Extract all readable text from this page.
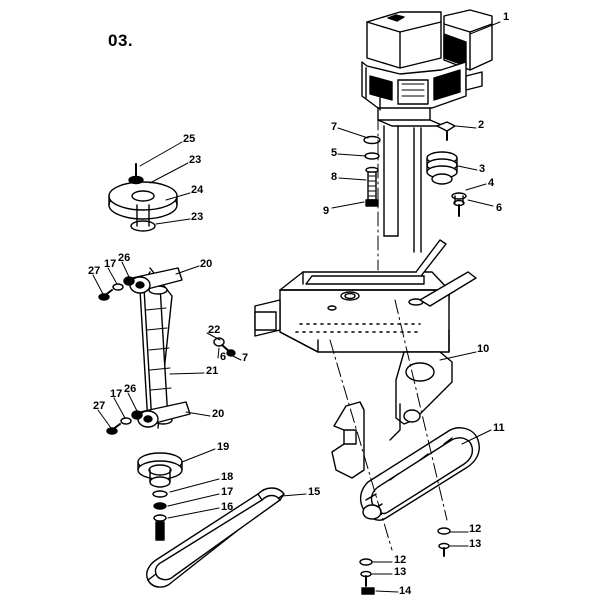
03.
1
2
3
4
6
7
5
8
9
10
11
12
13
12
13
14
15
16
17
18
19
20
20
21
22
6 7
23
23
24
25
26
26
17
17
27
27
